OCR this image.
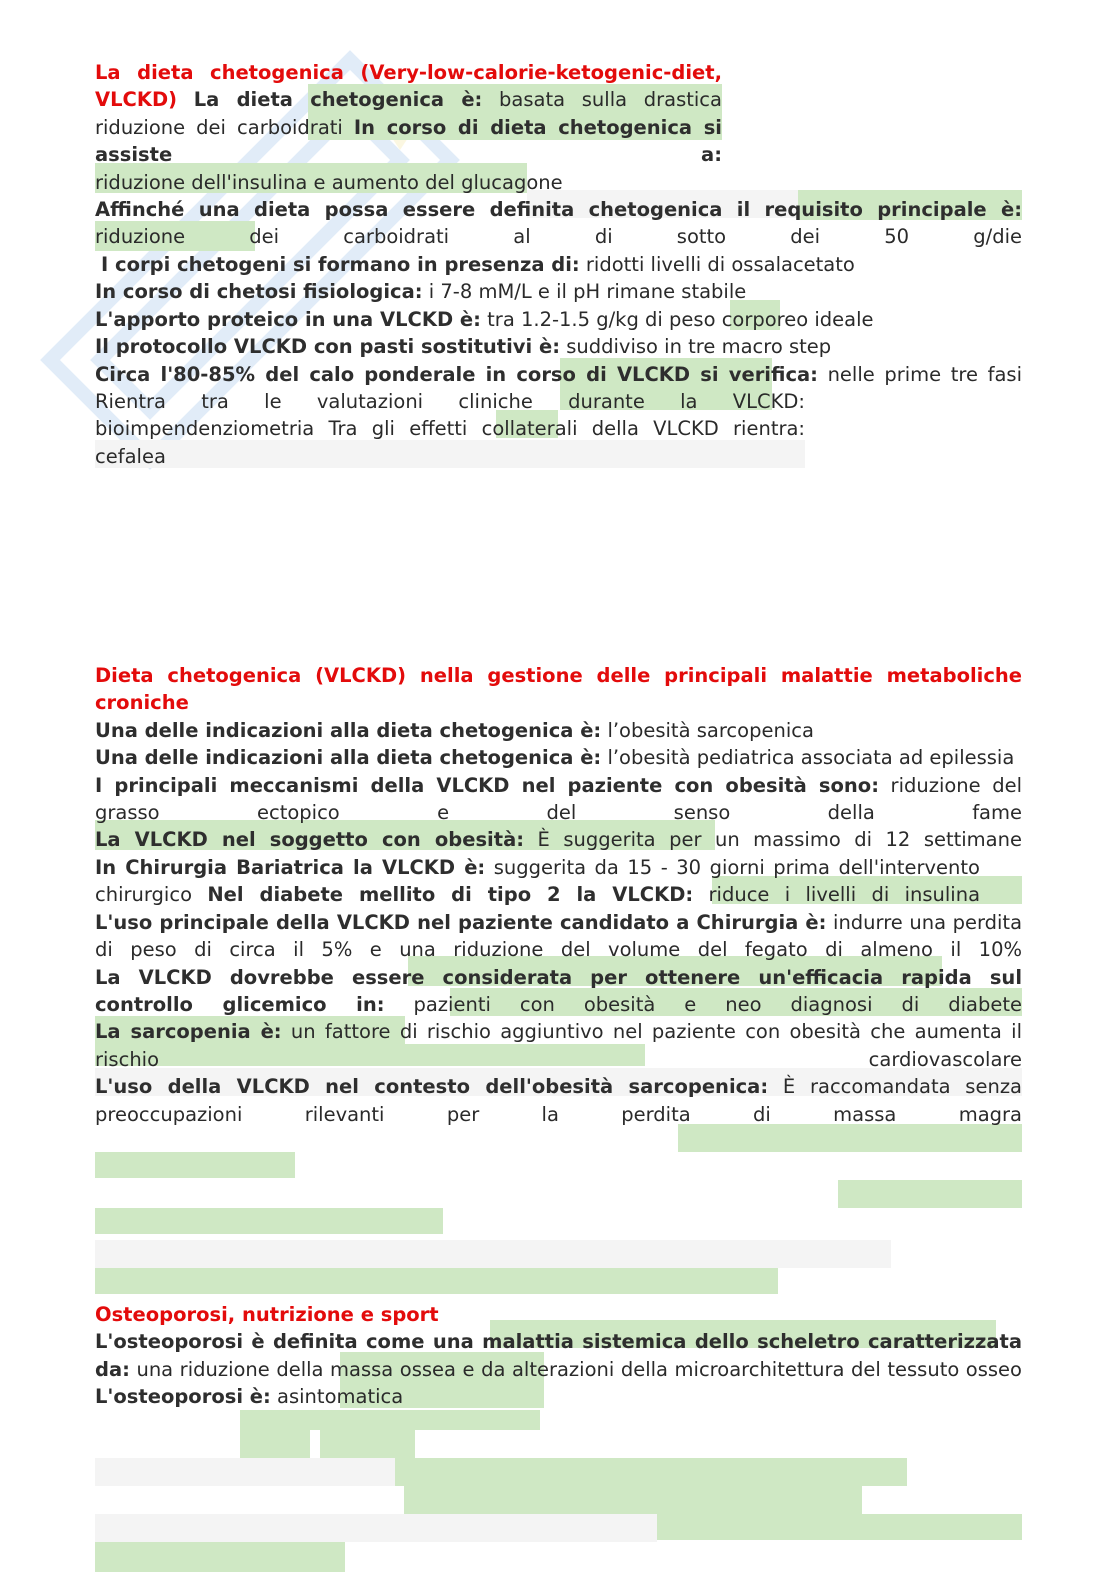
La dieta chetogenica (Very-low-calorie-ketogenic-diet, VLCKD) La dieta chetogenica è: basata sulla drastica riduzione dei carboidrati In corso di dieta chetogenica si assiste a:

riduzione dell'insulina e aumento del glucagone

Affinché una dieta possa essere definita chetogenica il requisito principale è: riduzione dei carboidrati al di sotto dei 50 g/die

I corpi chetogeni si formano in presenza di: ridotti livelli di ossalacetato

In corso di chetosi fisiologica: i 7-8 mM/L e il pH rimane stabile

L'apporto proteico in una VLCKD è: tra 1.2-1.5 g/kg di peso corporeo ideale

Il protocollo VLCKD con pasti sostitutivi è: suddiviso in tre macro step

Circa l'80-85% del calo ponderale in corso di VLCKD si verifica: nelle prime tre fasi
Rientra tra le valutazioni cliniche durante la VLCKD: bioimpendenziometria Tra gli effetti collaterali della VLCKD rientra: cefalea
Dieta chetogenica (VLCKD) nella gestione delle principali malattie metaboliche croniche

Una delle indicazioni alla dieta chetogenica è: l’obesità sarcopenica

Una delle indicazioni alla dieta chetogenica è: l’obesità pediatrica associata ad epilessia

I principali meccanismi della VLCKD nel paziente con obesità sono: riduzione del grasso ectopico e del senso della fame
La VLCKD nel soggetto con obesità: È suggerita per un massimo di 12 settimane
In Chirurgia Bariatrica la VLCKD è: suggerita da 15 - 30 giorni prima dell'intervento chirurgico Nel diabete mellito di tipo 2 la VLCKD: riduce i livelli di insulina
L'uso principale della VLCKD nel paziente candidato a Chirurgia è: indurre una perdita di peso di circa il 5% e una riduzione del volume del fegato di almeno il 10%
La VLCKD dovrebbe essere considerata per ottenere un'efficacia rapida sul controllo glicemico in: pazienti con obesità e neo diagnosi di diabete
La sarcopenia è: un fattore di rischio aggiuntivo nel paziente con obesità che aumenta il rischio cardiovascolare
L'uso della VLCKD nel contesto dell'obesità sarcopenica: È raccomandata senza preoccupazioni rilevanti per la perdita di massa magra

Osteoporosi, nutrizione e sport

L'osteoporosi è definita come una malattia sistemica dello scheletro caratterizzata da: una riduzione della massa ossea e da alterazioni della microarchitettura del tessuto osseo

L'osteoporosi è: asintomatica
